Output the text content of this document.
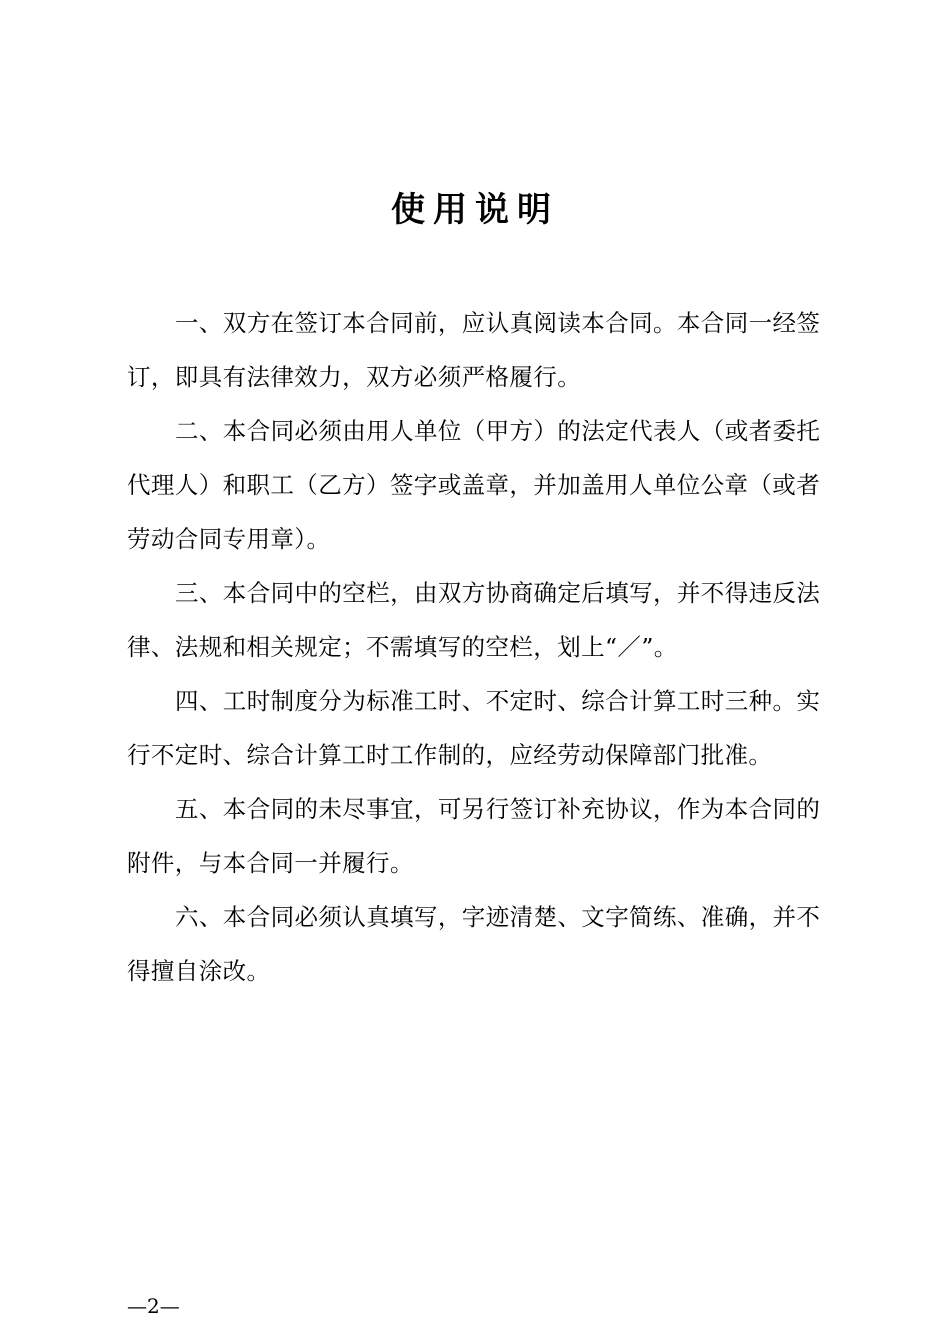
使用说明
一、双方在签订本合同前，应认真阅读本合同。本合同一经签
订，即具有法律效力，双方必须严格履行。
二、本合同必须由用人单位（甲方）的法定代表人（或者委托
代理人）和职工（乙方）签字或盖章，并加盖用人单位公章（或者
劳动合同专用章）。
三、本合同中的空栏，由双方协商确定后填写，并不得违反法
律、法规和相关规定；不需填写的空栏，划上“／”。
四、工时制度分为标准工时、不定时、综合计算工时三种。实
行不定时、综合计算工时工作制的，应经劳动保障部门批准。
五、本合同的未尽事宜，可另行签订补充协议，作为本合同的
附件，与本合同一并履行。
六、本合同必须认真填写，字迹清楚、文字简练、准确，并不
得擅自涂改。
—2—
